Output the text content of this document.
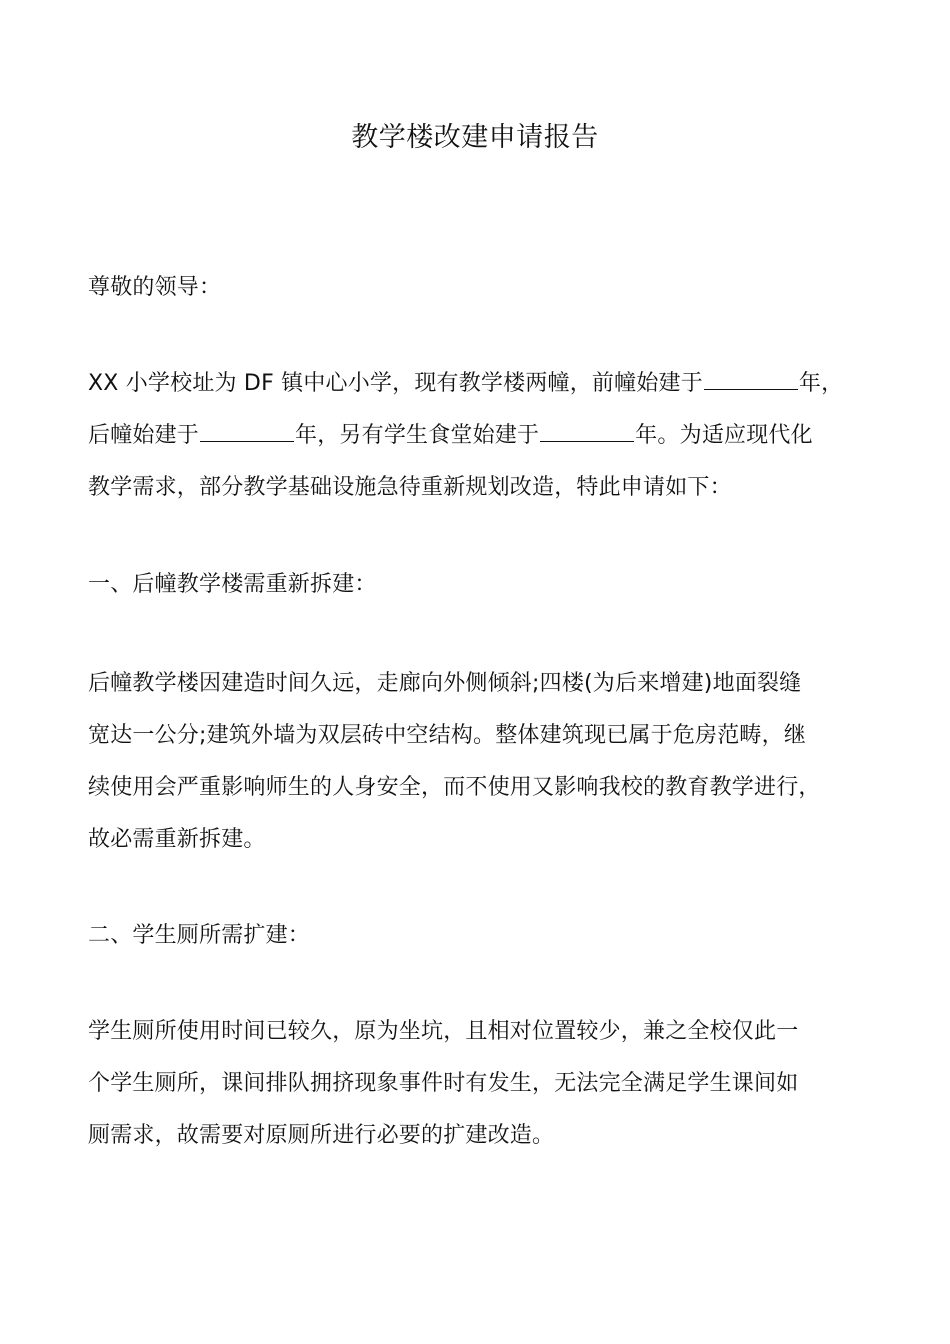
教学楼改建申请报告
尊敬的领导：
XX 小学校址为 DF 镇中心小学，现有教学楼两幢，前幢始建于	年，
后幢始建于	年，另有学生食堂始建于	年。为适应现代化
教学需求，部分教学基础设施急待重新规划改造，特此申请如下：
一、后幢教学楼需重新拆建：
后幢教学楼因建造时间久远，走廊向外侧倾斜;四楼(为后来增建)地面裂缝
宽达一公分;建筑外墙为双层砖中空结构。整体建筑现已属于危房范畴，继
续使用会严重影响师生的人身安全，而不使用又影响我校的教育教学进行，
故必需重新拆建。
二、学生厕所需扩建：
学生厕所使用时间已较久，原为坐坑，且相对位置较少，兼之全校仅此一
个学生厕所，课间排队拥挤现象事件时有发生，无法完全满足学生课间如
厕需求，故需要对原厕所进行必要的扩建改造。
